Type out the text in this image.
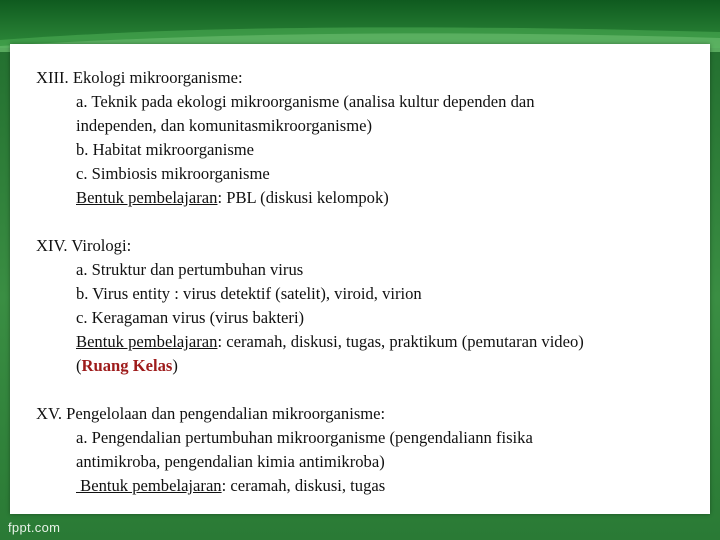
XIII. Ekologi mikroorganisme:
a. Teknik pada ekologi mikroorganisme (analisa kultur dependen dan
independen, dan komunitasmikroorganisme)
b. Habitat mikroorganisme
c. Simbiosis mikroorganisme
Bentuk pembelajaran: PBL (diskusi kelompok)
XIV. Virologi:
a. Struktur dan pertumbuhan virus
b. Virus entity : virus detektif (satelit), viroid, virion
c. Keragaman virus (virus bakteri)
Bentuk pembelajaran: ceramah, diskusi, tugas, praktikum (pemutaran video)
(Ruang Kelas)
XV. Pengelolaan dan pengendalian mikroorganisme:
a. Pengendalian pertumbuhan mikroorganisme (pengendaliann fisika
antimikroba, pengendalian kimia antimikroba)
Bentuk pembelajaran: ceramah, diskusi, tugas
fppt.com
